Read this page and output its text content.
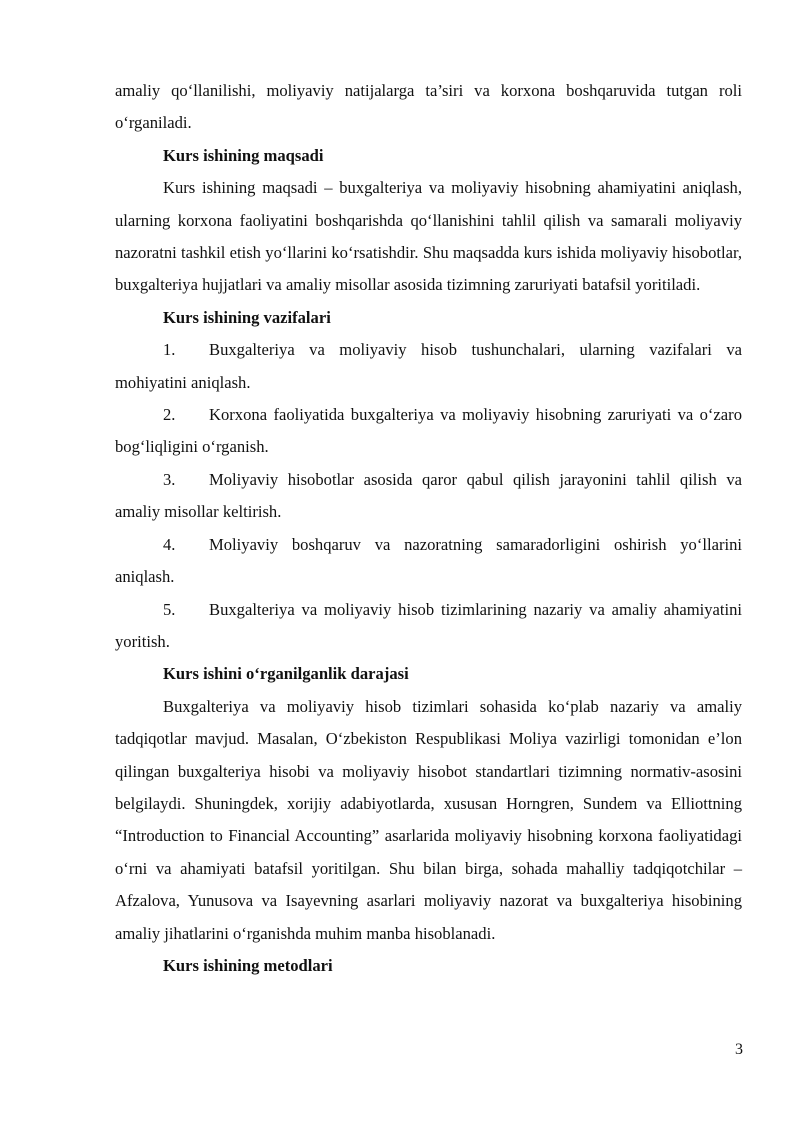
amaliy qo‘llanilishi, moliyaviy natijalarga ta’siri va korxona boshqaruvida tutgan roli o‘rganiladi.

Kurs ishining maqsadi

Kurs ishining maqsadi – buxgalteriya va moliyaviy hisobning ahamiyatini aniqlash, ularning korxona faoliyatini boshqarishda qo‘llanishini tahlil qilish va samarali moliyaviy nazoratni tashkil etish yo‘llarini ko‘rsatishdir. Shu maqsadda kurs ishida moliyaviy hisobotlar, buxgalteriya hujjatlari va amaliy misollar asosida tizimning zaruriyati batafsil yoritiladi.

Kurs ishining vazifalari

1. Buxgalteriya va moliyaviy hisob tushunchalari, ularning vazifalari va mohiyatini aniqlash.

2. Korxona faoliyatida buxgalteriya va moliyaviy hisobning zaruriyati va o‘zaro bog‘liqligini o‘rganish.

3. Moliyaviy hisobotlar asosida qaror qabul qilish jarayonini tahlil qilish va amaliy misollar keltirish.

4. Moliyaviy boshqaruv va nazoratning samaradorligini oshirish yo‘llarini aniqlash.

5. Buxgalteriya va moliyaviy hisob tizimlarining nazariy va amaliy ahamiyatini yoritish.

Kurs ishini o‘rganilganlik darajasi

Buxgalteriya va moliyaviy hisob tizimlari sohasida ko‘plab nazariy va amaliy tadqiqotlar mavjud. Masalan, O‘zbekiston Respublikasi Moliya vazirligi tomonidan e’lon qilingan buxgalteriya hisobi va moliyaviy hisobot standartlari tizimning normativ-asosini belgilaydi. Shuningdek, xorijiy adabiyotlarda, xususan Horngren, Sundem va Elliottning “Introduction to Financial Accounting” asarlarida moliyaviy hisobning korxona faoliyatidagi o‘rni va ahamiyati batafsil yoritilgan. Shu bilan birga, sohada mahalliy tadqiqotchilar – Afzalova, Yunusova va Isayevning asarlari moliyaviy nazorat va buxgalteriya hisobining amaliy jihatlarini o‘rganishda muhim manba hisoblanadi.

Kurs ishining metodlari

3
